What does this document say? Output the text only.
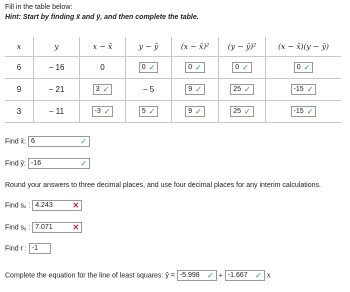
Fill in the table below:
Hint: Start by finding x̄ and ȳ, and then complete the table.
x	y	x − x̄	y − ȳ	(x − x̄)²	(y − ȳ)²	(x − x̄)(y − ȳ)
6	− 16	0	0 ✓	0 ✓	0 ✓	0 ✓

9	− 21	3 ✓	− 5	9 ✓	25 ✓	-15 ✓

3	− 11	-3 ✓	5 ✓	9 ✓	25 ✓	-15 ✓
Find x̄: 6	✓
Find ȳ: -16	✓
Round your answers to three decimal places, and use four decimal places for any interim calculations.
Find sₓ : 4.243	✕
Find sᵧ : 7.071	✕
Find r : -1
Complete the equation for the line of least squares: ŷ = -5.998 ✓ + -1.667 ✓ x
